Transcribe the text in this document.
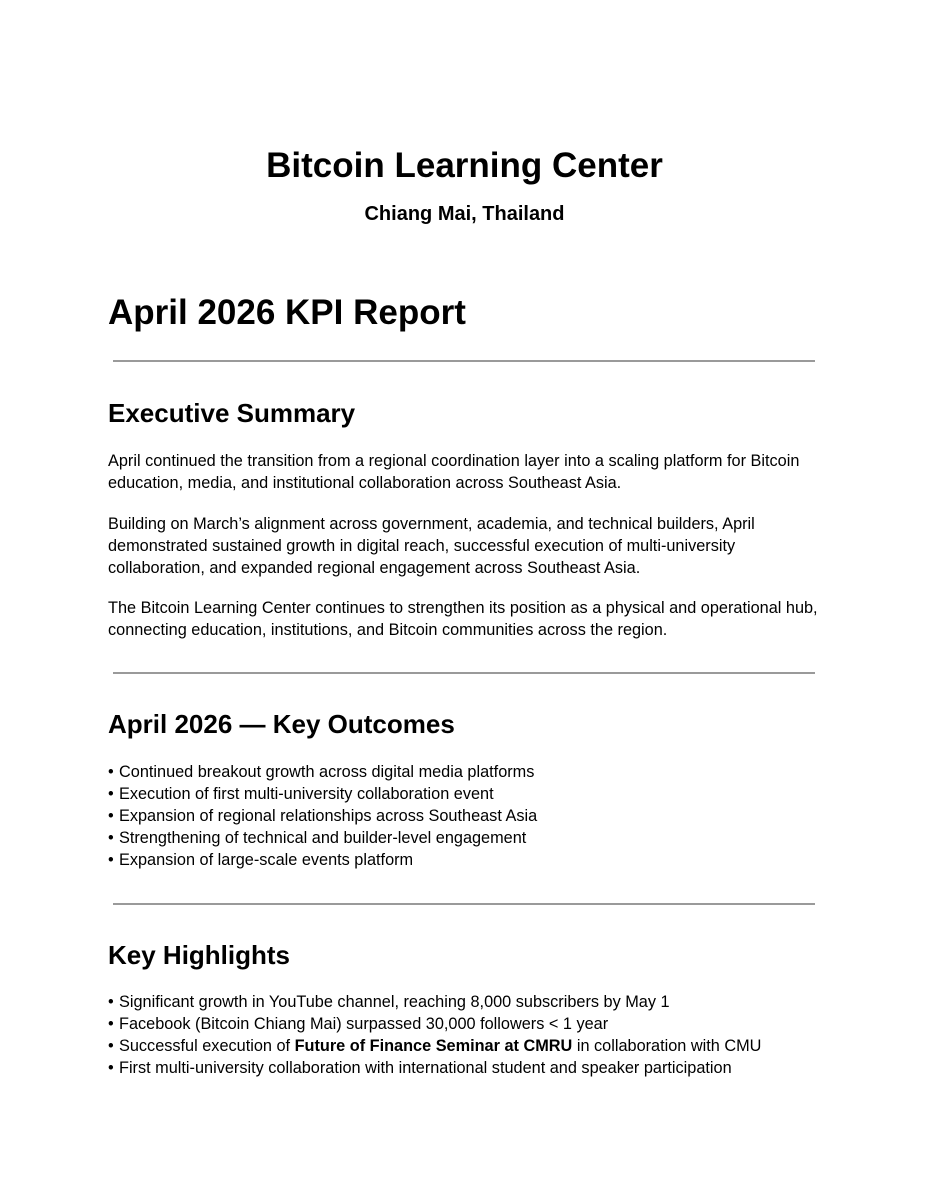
Bitcoin Learning Center
Chiang Mai, Thailand
April 2026 KPI Report
Executive Summary

April continued the transition from a regional coordination layer into a scaling platform for Bitcoin education, media, and institutional collaboration across Southeast Asia.

Building on March’s alignment across government, academia, and technical builders, April demonstrated sustained growth in digital reach, successful execution of multi-university collaboration, and expanded regional engagement across Southeast Asia.

The Bitcoin Learning Center continues to strengthen its position as a physical and operational hub, connecting education, institutions, and Bitcoin communities across the region.

April 2026 — Key Outcomes
• Continued breakout growth across digital media platforms
• Execution of first multi-university collaboration event
• Expansion of regional relationships across Southeast Asia
• Strengthening of technical and builder-level engagement
• Expansion of large-scale events platform
Key Highlights
• Significant growth in YouTube channel, reaching 8,000 subscribers by May 1
• Facebook (Bitcoin Chiang Mai) surpassed 30,000 followers < 1 year
• Successful execution of Future of Finance Seminar at CMRU in collaboration with CMU
• First multi-university collaboration with international student and speaker participation
